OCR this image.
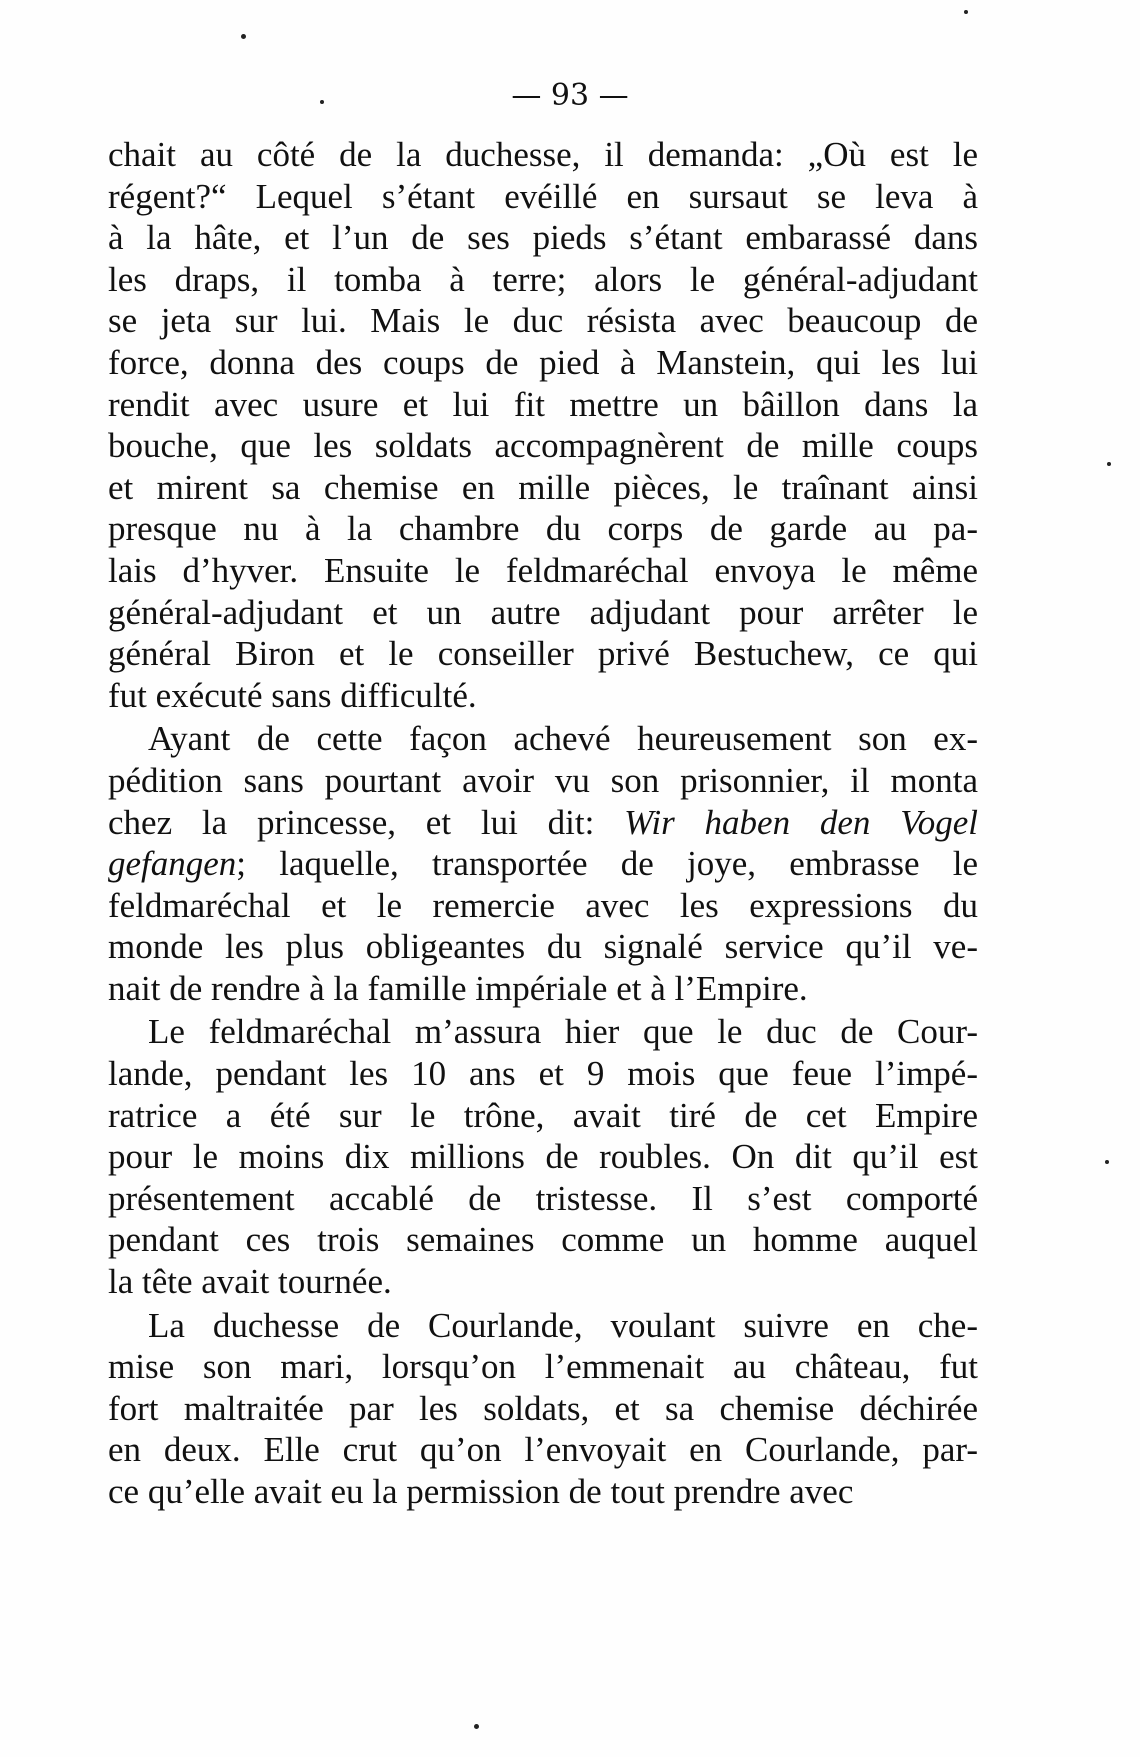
— 93 —
chait au côté de la duchesse, il demanda: „Où est le
régent?“ Lequel s’étant evéillé en sursaut se leva à
à la hâte, et l’un de ses pieds s’étant embarassé dans
les draps, il tomba à terre; alors le général-adjudant
se jeta sur lui. Mais le duc résista avec beaucoup de
force, donna des coups de pied à Manstein, qui les lui
rendit avec usure et lui fit mettre un bâillon dans la
bouche, que les soldats accompagnèrent de mille coups
et mirent sa chemise en mille pièces, le traînant ainsi
presque nu à la chambre du corps de garde au pa-
lais d’hyver. Ensuite le feldmaréchal envoya le même
général-adjudant et un autre adjudant pour arrêter le
général Biron et le conseiller privé Bestuchew, ce qui
fut exécuté sans difficulté.
Ayant de cette façon achevé heureusement son ex-
pédition sans pourtant avoir vu son prisonnier, il monta
chez la princesse, et lui dit: Wir haben den Vogel
gefangen; laquelle, transportée de joye, embrasse le
feldmaréchal et le remercie avec les expressions du
monde les plus obligeantes du signalé service qu’il ve-
nait de rendre à la famille impériale et à l’Empire.
Le feldmaréchal m’assura hier que le duc de Cour-
lande, pendant les 10 ans et 9 mois que feue l’impé-
ratrice a été sur le trône, avait tiré de cet Empire
pour le moins dix millions de roubles. On dit qu’il est
présentement accablé de tristesse. Il s’est comporté
pendant ces trois semaines comme un homme auquel
la tête avait tournée.
La duchesse de Courlande, voulant suivre en che-
mise son mari, lorsqu’on l’emmenait au château, fut
fort maltraitée par les soldats, et sa chemise déchirée
en deux. Elle crut qu’on l’envoyait en Courlande, par-
ce qu’elle avait eu la permission de tout prendre avec
